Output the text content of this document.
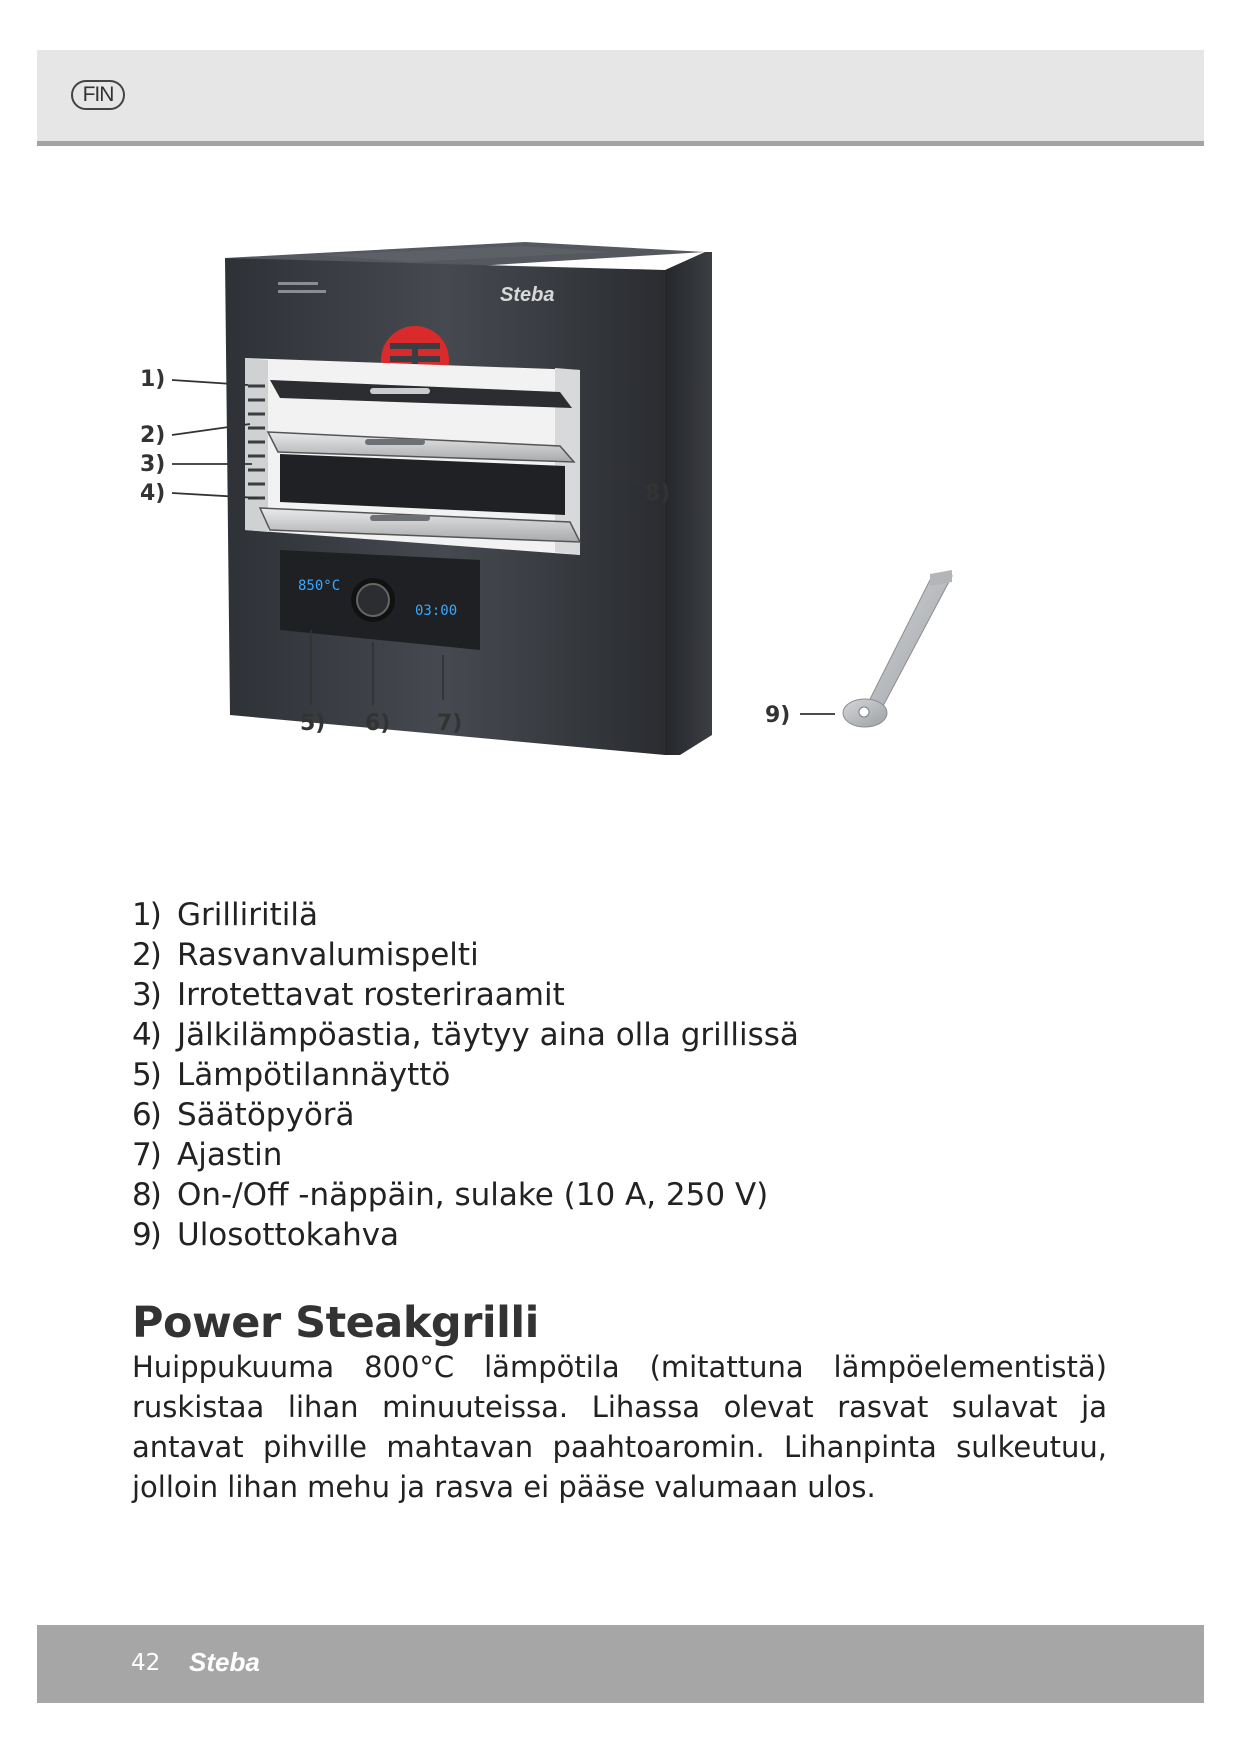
FIN
Steba
850°C
03:00
1)
2)
3)
4)
5) 6) 7)
8)
9)
1) Grilliritilä
2) Rasvanvalumispelti
3) Irrotettavat rosteriraamit
4) Jälkilämpöastia, täytyy aina olla grillissä
5) Lämpötilannäyttö
6) Säätöpyörä
7) Ajastin
8) On-/Off -näppäin, sulake (10 A, 250 V)
9) Ulosottokahva
Power Steakgrilli

Huippukuuma 800°C lämpötila (mitattuna lämpöelementistä) ruskistaa lihan minuuteissa. Lihassa olevat rasvat sulavat ja antavat pihville mahtavan paahtoaromin. Lihanpinta sulkeutuu, jolloin lihan mehu ja rasva ei pääse valumaan ulos.

42 Steba
